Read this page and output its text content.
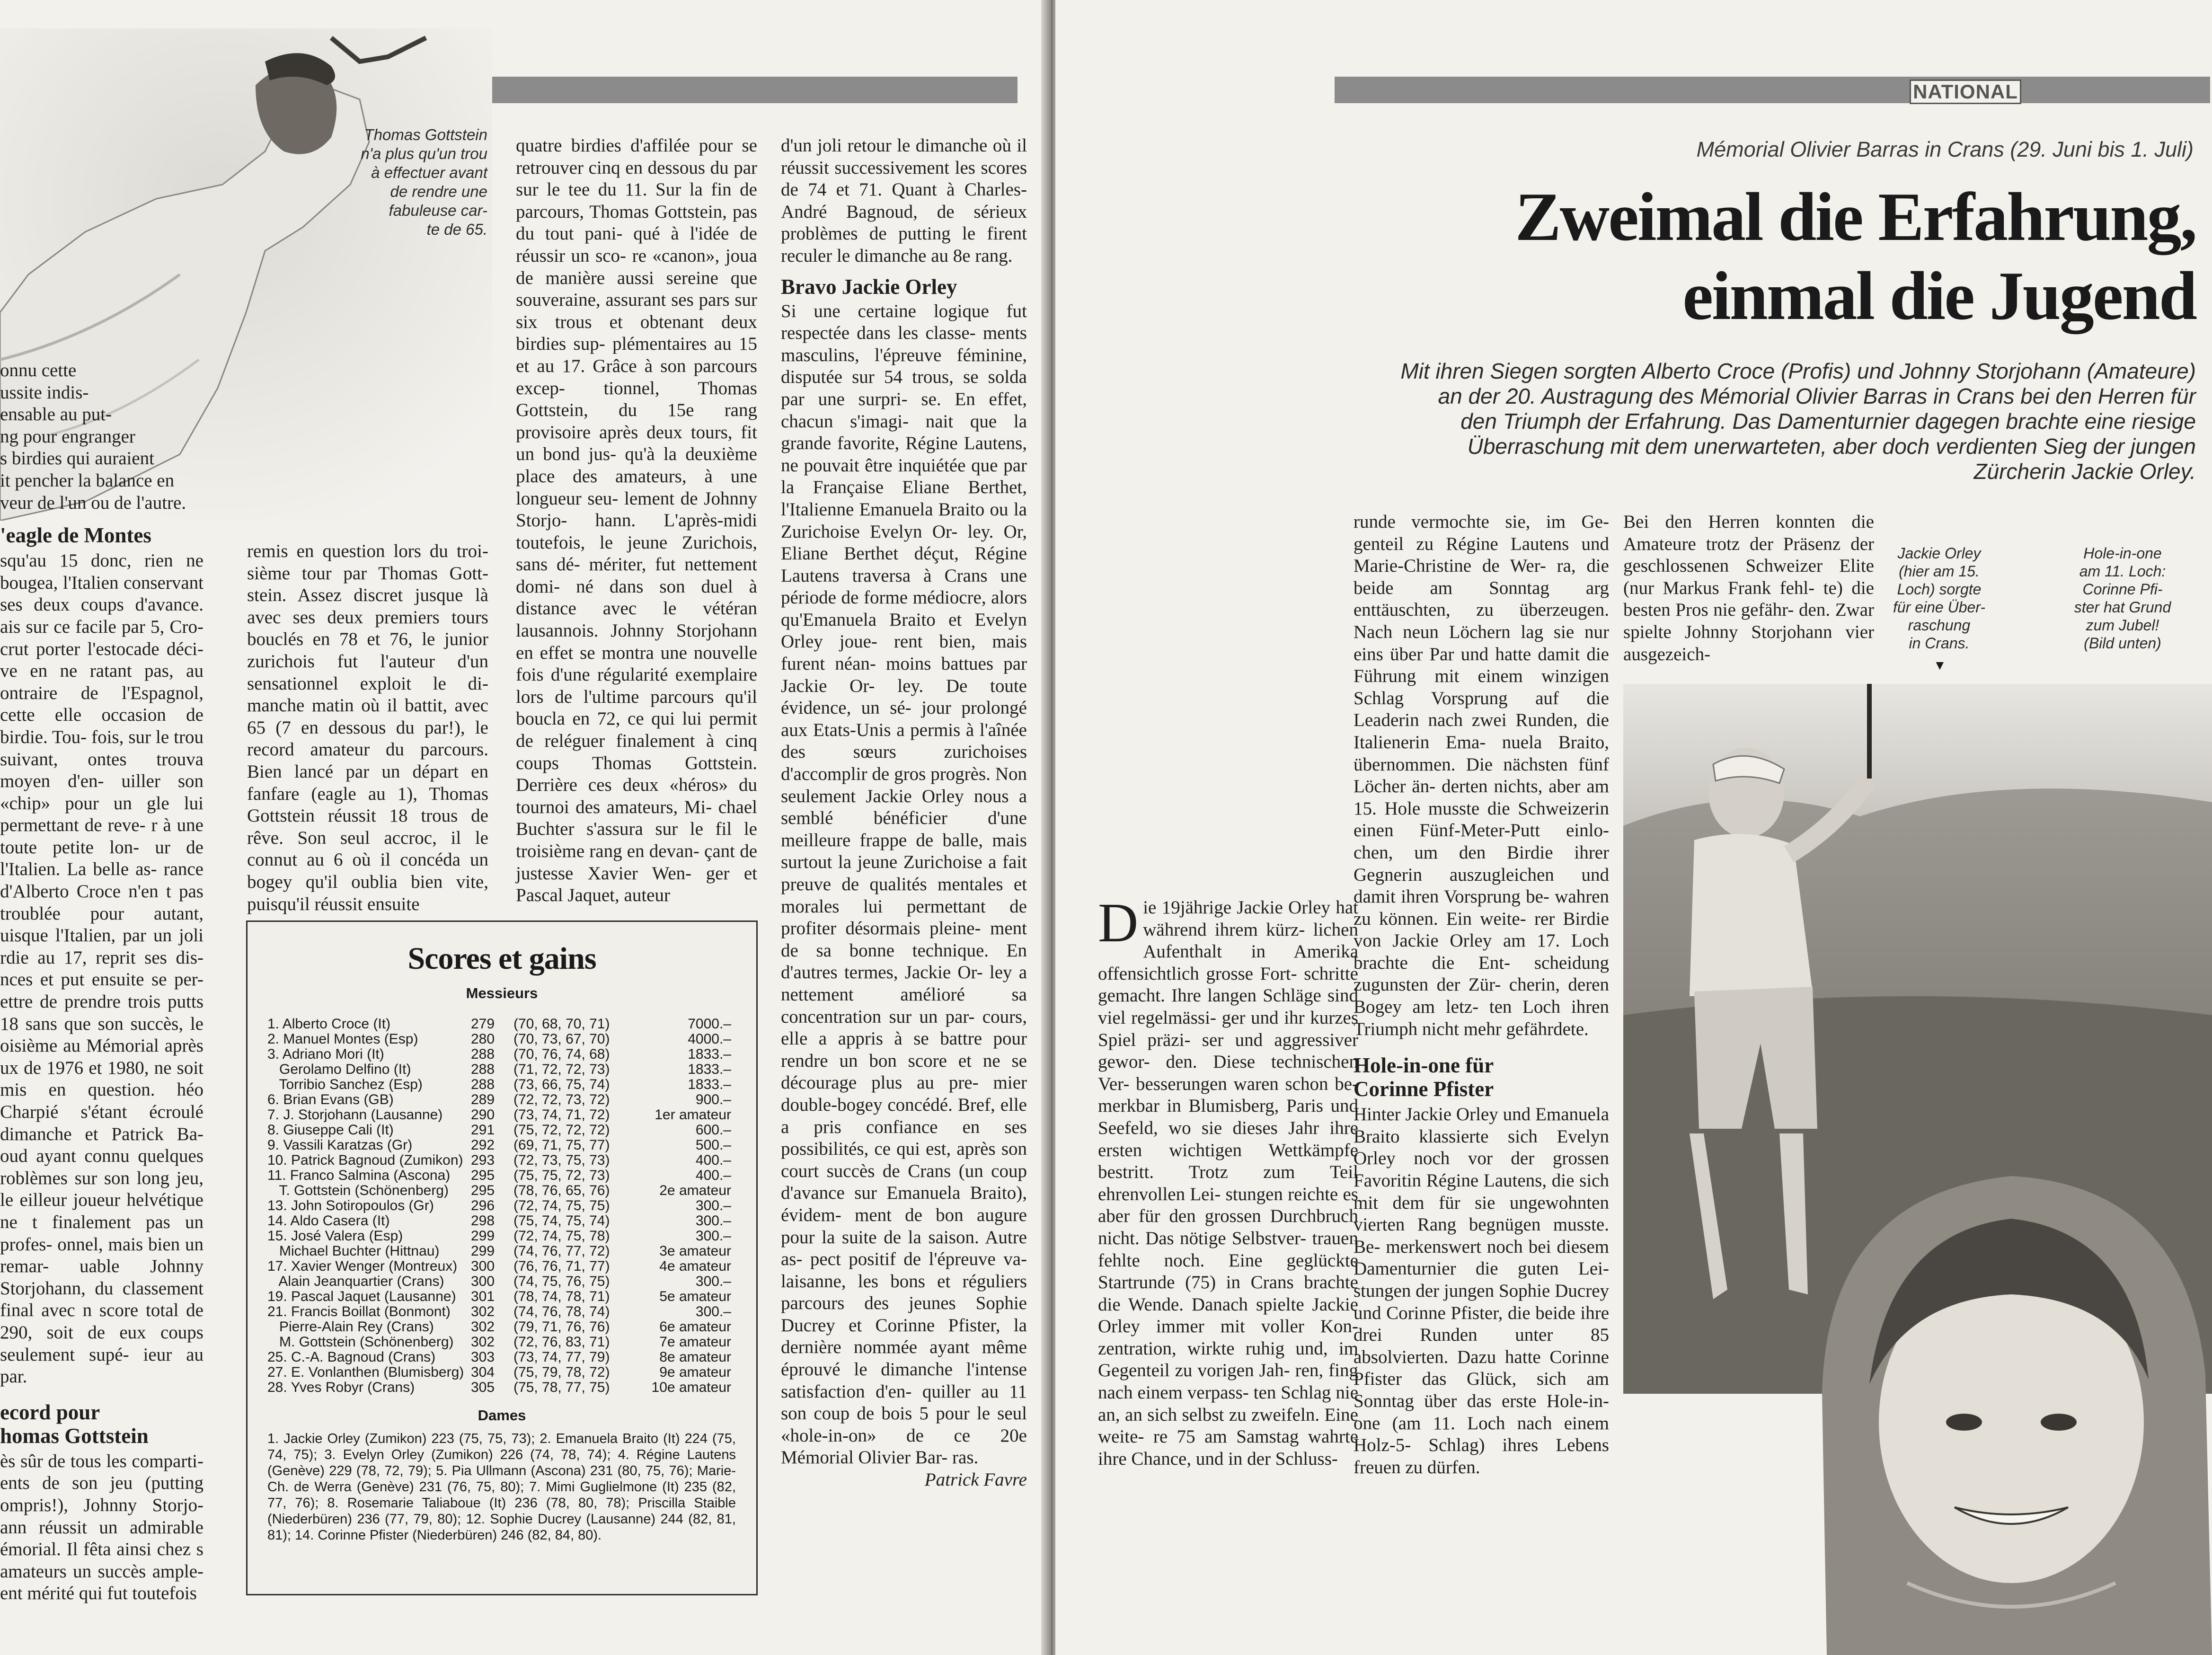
Thomas Gottstein
n'a plus qu'un trou
à effectuer avant
de rendre une
fabuleuse car-
te de 65.

onnu cette
ussite indis-
ensable au put-
ng pour engranger
s birdies qui auraient
it pencher la balance en
veur de l'un ou de l'autre.

'eagle de Montes

squ'au 15 donc, rien ne bougea, l'Italien conservant ses deux coups d'avance. ais sur ce facile par 5, Cro- crut porter l'estocade déci- ve en ne ratant pas, au ontraire de l'Espagnol, cette elle occasion de birdie. Tou- fois, sur le trou suivant, ontes trouva moyen d'en- uiller son «chip» pour un gle lui permettant de reve- r à une toute petite lon- ur de l'Italien. La belle as- rance d'Alberto Croce n'en t pas troublée pour autant, uisque l'Italien, par un joli rdie au 17, reprit ses dis- nces et put ensuite se per- ettre de prendre trois putts 18 sans que son succès, le oisième au Mémorial après ux de 1976 et 1980, ne soit mis en question. héo Charpié s'étant écroulé dimanche et Patrick Ba- oud ayant connu quelques roblèmes sur son long jeu, le eilleur joueur helvétique ne t finalement pas un profes- onnel, mais bien un remar- uable Johnny Storjohann, du classement final avec n score total de 290, soit de eux coups seulement supé- ieur au par.

ecord pour
homas Gottstein

ès sûr de tous les comparti- ents de son jeu (putting ompris!), Johnny Storjo- ann réussit un admirable émorial. Il fêta ainsi chez s amateurs un succès ample- ent mérité qui fut toutefois

quatre birdies d'affilée pour se retrouver cinq en dessous du par sur le tee du 11. Sur la fin de parcours, Thomas Gottstein, pas du tout pani- qué à l'idée de réussir un sco- re «canon», joua de manière aussi sereine que souveraine, assurant ses pars sur six trous et obtenant deux birdies sup- plémentaires au 15 et au 17. Grâce à son parcours excep- tionnel, Thomas Gottstein, du 15e rang provisoire après deux tours, fit un bond jus- qu'à la deuxième place des amateurs, à une longueur seu- lement de Johnny Storjo- hann. L'après-midi toutefois, le jeune Zurichois, sans dé- mériter, fut nettement domi- né dans son duel à distance avec le vétéran lausannois. Johnny Storjohann en effet se montra une nouvelle fois d'une régularité exemplaire lors de l'ultime parcours qu'il boucla en 72, ce qui lui permit de reléguer finalement à cinq coups Thomas Gottstein. Derrière ces deux «héros» du tournoi des amateurs, Mi- chael Buchter s'assura sur le fil le troisième rang en devan- çant de justesse Xavier Wen- ger et Pascal Jaquet, auteur

remis en question lors du troi- sième tour par Thomas Gott- stein. Assez discret jusque là avec ses deux premiers tours bouclés en 78 et 76, le junior zurichois fut l'auteur d'un sensationnel exploit le di- manche matin où il battit, avec 65 (7 en dessous du par!), le record amateur du parcours. Bien lancé par un départ en fanfare (eagle au 1), Thomas Gottstein réussit 18 trous de rêve. Son seul accroc, il le connut au 6 où il concéda un bogey qu'il oublia bien vite, puisqu'il réussit ensuite

d'un joli retour le dimanche où il réussit successivement les scores de 74 et 71. Quant à Charles-André Bagnoud, de sérieux problèmes de putting le firent reculer le dimanche au 8e rang.

Bravo Jackie Orley

Si une certaine logique fut respectée dans les classe- ments masculins, l'épreuve féminine, disputée sur 54 trous, se solda par une surpri- se. En effet, chacun s'imagi- nait que la grande favorite, Régine Lautens, ne pouvait être inquiétée que par la Française Eliane Berthet, l'Italienne Emanuela Braito ou la Zurichoise Evelyn Or- ley. Or, Eliane Berthet déçut, Régine Lautens traversa à Crans une période de forme médiocre, alors qu'Emanuela Braito et Evelyn Orley joue- rent bien, mais furent néan- moins battues par Jackie Or- ley. De toute évidence, un sé- jour prolongé aux Etats-Unis a permis à l'aînée des sœurs zurichoises d'accomplir de gros progrès. Non seulement Jackie Orley nous a semblé bénéficier d'une meilleure frappe de balle, mais surtout la jeune Zurichoise a fait preuve de qualités mentales et morales lui permettant de profiter désormais pleine- ment de sa bonne technique. En d'autres termes, Jackie Or- ley a nettement amélioré sa concentration sur un par- cours, elle a appris à se battre pour rendre un bon score et ne se décourage plus au pre- mier double-bogey concédé. Bref, elle a pris confiance en ses possibilités, ce qui est, après son court succès de Crans (un coup d'avance sur Emanuela Braito), évidem- ment de bon augure pour la suite de la saison. Autre as- pect positif de l'épreuve va- laisanne, les bons et réguliers parcours des jeunes Sophie Ducrey et Corinne Pfister, la dernière nommée ayant même éprouvé le dimanche l'intense satisfaction d'en- quiller au 11 son coup de bois 5 pour le seul «hole-in-on» de ce 20e Mémorial Olivier Bar- ras.

Patrick Favre

Scores et gains
Messieurs
1. Alberto Croce (It)	279	(70, 68, 70, 71)	7000.–
2. Manuel Montes (Esp)	280	(70, 73, 67, 70)	4000.–
3. Adriano Mori (It)	288	(70, 76, 74, 68)	1833.–
Gerolamo Delfino (It)	288	(71, 72, 72, 73)	1833.–
Torribio Sanchez (Esp)	288	(73, 66, 75, 74)	1833.–
6. Brian Evans (GB)	289	(72, 72, 73, 72)	900.–
7. J. Storjohann (Lausanne)	290	(73, 74, 71, 72)	1er amateur
8. Giuseppe Cali (It)	291	(75, 72, 72, 72)	600.–
9. Vassili Karatzas (Gr)	292	(69, 71, 75, 77)	500.–
10. Patrick Bagnoud (Zumikon)	293	(72, 73, 75, 73)	400.–
11. Franco Salmina (Ascona)	295	(75, 75, 72, 73)	400.–
T. Gottstein (Schönenberg)	295	(78, 76, 65, 76)	2e amateur
13. John Sotiropoulos (Gr)	296	(72, 74, 75, 75)	300.–
14. Aldo Casera (It)	298	(75, 74, 75, 74)	300.–
15. José Valera (Esp)	299	(72, 74, 75, 78)	300.–
Michael Buchter (Hittnau)	299	(74, 76, 77, 72)	3e amateur
17. Xavier Wenger (Montreux)	300	(76, 76, 71, 77)	4e amateur
Alain Jeanquartier (Crans)	300	(74, 75, 76, 75)	300.–
19. Pascal Jaquet (Lausanne)	301	(78, 74, 78, 71)	5e amateur
21. Francis Boillat (Bonmont)	302	(74, 76, 78, 74)	300.–
Pierre-Alain Rey (Crans)	302	(79, 71, 76, 76)	6e amateur
M. Gottstein (Schönenberg)	302	(72, 76, 83, 71)	7e amateur
25. C.-A. Bagnoud (Crans)	303	(73, 74, 77, 79)	8e amateur
27. E. Vonlanthen (Blumisberg)	304	(75, 79, 78, 72)	9e amateur
28. Yves Robyr (Crans)	305	(75, 78, 77, 75)	10e amateur
Dames
1. Jackie Orley (Zumikon) 223 (75, 75, 73); 2. Emanuela Braito (It) 224 (75, 74, 75); 3. Evelyn Orley (Zumikon) 226 (74, 78, 74); 4. Régine Lautens (Genève) 229 (78, 72, 79); 5. Pia Ullmann (Ascona) 231 (80, 75, 76); Marie-Ch. de Werra (Genève) 231 (76, 75, 80); 7. Mimi Guglielmone (It) 235 (82, 77, 76); 8. Rosemarie Taliaboue (It) 236 (78, 80, 78); Priscilla Staible (Niederbüren) 236 (77, 79, 80); 12. Sophie Ducrey (Lausanne) 244 (82, 81, 81); 14. Corinne Pfister (Niederbüren) 246 (82, 84, 80).
NATIONAL
Mémorial Olivier Barras in Crans (29. Juni bis 1. Juli)
Zweimal die Erfahrung,
einmal die Jugend
Mit ihren Siegen sorgten Alberto Croce (Profis) und Johnny Storjohann (Amateure) an der 20. Austragung des Mémorial Olivier Barras in Crans bei den Herren für den Triumph der Erfahrung. Das Damenturnier dagegen brachte eine riesige Überraschung mit dem unerwarteten, aber doch verdienten Sieg der jungen Zürcherin Jackie Orley.

Die 19jährige Jackie Orley hat während ihrem kürz- lichen Aufenthalt in Amerika offensichtlich grosse Fort- schritte gemacht. Ihre langen Schläge sind viel regelmässi- ger und ihr kurzes Spiel präzi- ser und aggressiver gewor- den. Diese technischen Ver- besserungen waren schon be- merkbar in Blumisberg, Paris und Seefeld, wo sie dieses Jahr ihre ersten wichtigen Wettkämpfe bestritt. Trotz zum Teil ehrenvollen Lei- stungen reichte es aber für den grossen Durchbruch nicht. Das nötige Selbstver- trauen fehlte noch. Eine geglückte Startrunde (75) in Crans brachte die Wende. Danach spielte Jackie Orley immer mit voller Kon- zentration, wirkte ruhig und, im Gegenteil zu vorigen Jah- ren, fing nach einem verpass- ten Schlag nie an, an sich selbst zu zweifeln. Eine weite- re 75 am Samstag wahrte ihre Chance, und in der Schluss-

runde vermochte sie, im Ge- genteil zu Régine Lautens und Marie-Christine de Wer- ra, die beide am Sonntag arg enttäuschten, zu überzeugen. Nach neun Löchern lag sie nur eins über Par und hatte damit die Führung mit einem winzigen Schlag Vorsprung auf die Leaderin nach zwei Runden, die Italienerin Ema- nuela Braito, übernommen. Die nächsten fünf Löcher än- derten nichts, aber am 15. Hole musste die Schweizerin einen Fünf-Meter-Putt einlo- chen, um den Birdie ihrer Gegnerin auszugleichen und damit ihren Vorsprung be- wahren zu können. Ein weite- rer Birdie von Jackie Orley am 17. Loch brachte die Ent- scheidung zugunsten der Zür- cherin, deren Bogey am letz- ten Loch ihren Triumph nicht mehr gefährdete.

Hole-in-one für
Corinne Pfister

Hinter Jackie Orley und Emanuela Braito klassierte sich Evelyn Orley noch vor der grossen Favoritin Régine Lautens, die sich mit dem für sie ungewohnten vierten Rang begnügen musste. Be- merkenswert noch bei diesem Damenturnier die guten Lei- stungen der jungen Sophie Ducrey und Corinne Pfister, die beide ihre drei Runden unter 85 absolvierten. Dazu hatte Corinne Pfister das Glück, sich am Sonntag über das erste Hole-in-one (am 11. Loch nach einem Holz-5- Schlag) ihres Lebens freuen zu dürfen.

Bei den Herren konnten die Amateure trotz der Präsenz der geschlossenen Schweizer Elite (nur Markus Frank fehl- te) die besten Pros nie gefähr- den. Zwar spielte Johnny Storjohann vier ausgezeich-

Jackie Orley
(hier am 15.
Loch) sorgte
für eine Über-
raschung
in Crans.
▼
Hole-in-one
am 11. Loch:
Corinne Pfi-
ster hat Grund
zum Jubel!
(Bild unten)
